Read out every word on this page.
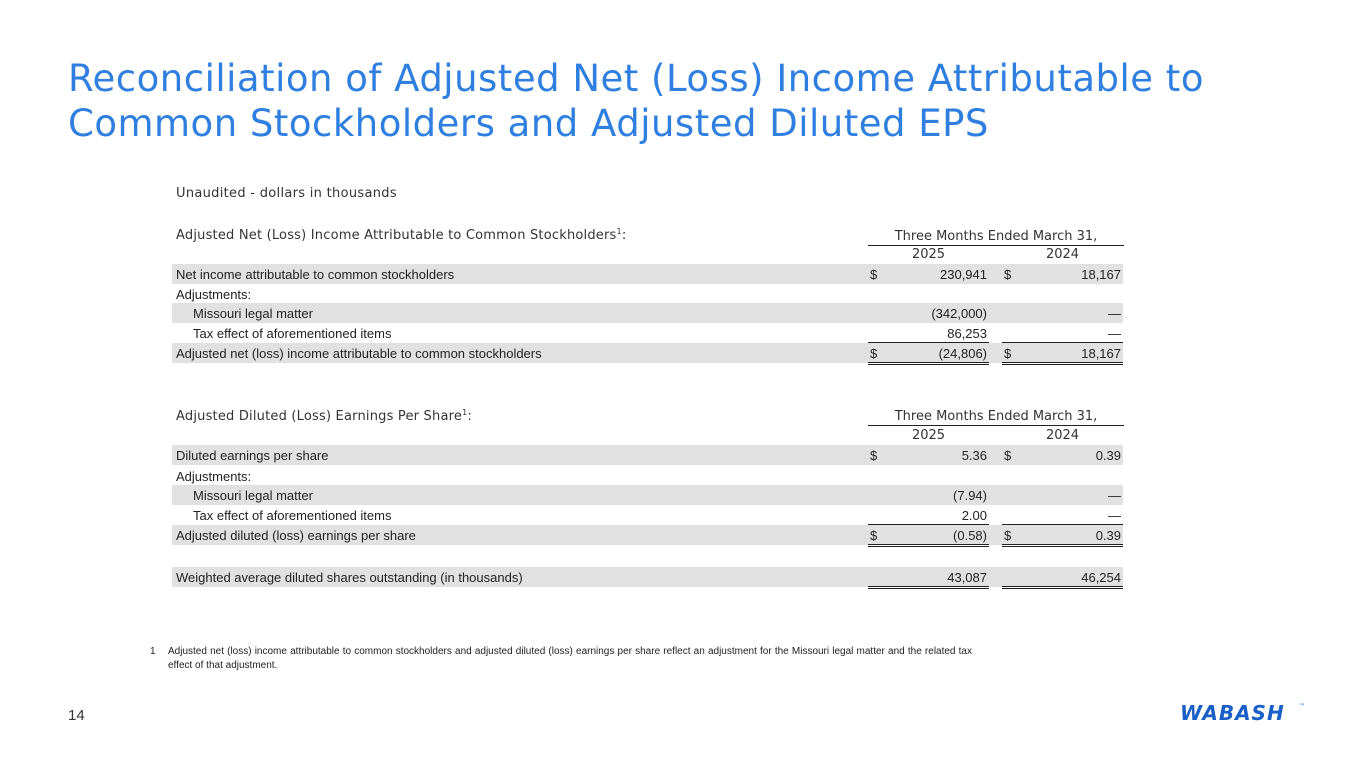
Reconciliation of Adjusted Net (Loss) Income Attributable to
Common Stockholders and Adjusted Diluted EPS
Unaudited - dollars in thousands
Adjusted Net (Loss) Income Attributable to Common Stockholders$^1$:	Three Months Ended March 31,
2025	2024
Net income attributable to common stockholders	$	230,941 $	18,167
Adjustments:
Missouri legal matter	(342,000)	—
Tax effect of aforementioned items	86,253	—
Adjusted net (loss) income attributable to common stockholders	$	(24,806) $	18,167
Adjusted Diluted (Loss) Earnings Per Share$^1$:	Three Months Ended March 31,
2025	2024
Diluted earnings per share	$	5.36 $	0.39
Adjustments:
Missouri legal matter	(7.94)	—
Tax effect of aforementioned items	2.00	—
Adjusted diluted (loss) earnings per share	$	(0.58) $	0.39
Weighted average diluted shares outstanding (in thousands)	43,087	46,254
1 Adjusted net (loss) income attributable to common stockholders and adjusted diluted (loss) earnings per share reflect an adjustment for the Missouri legal matter and the related tax effect of that adjustment.
14	WABASH ™
